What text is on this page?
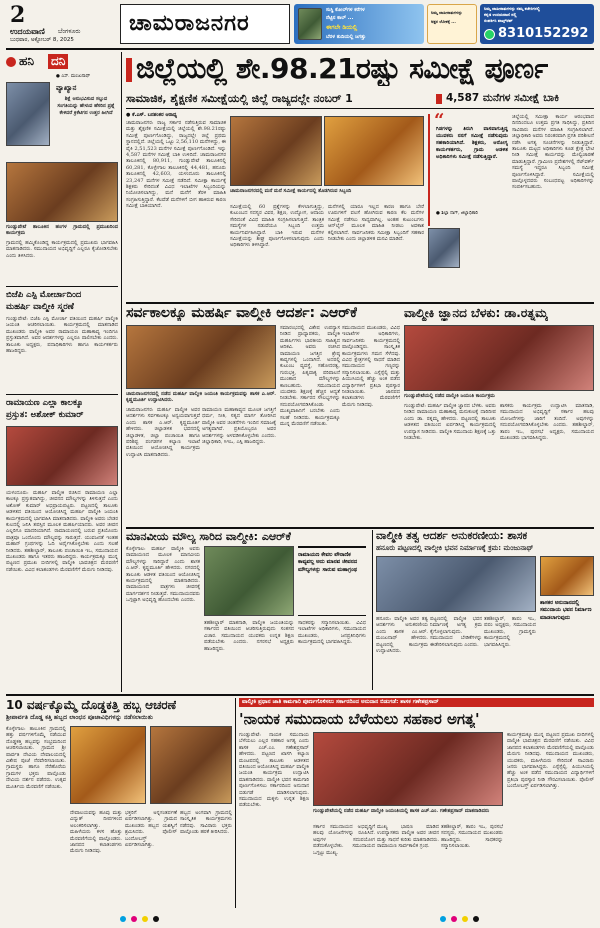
2
ಉದಯವಾಣಿ ಬೆಂಗಳೂರು
ಬುಧವಾರ, ಅಕ್ಟೋಬರ್ 8, 2025
ಚಾಮರಾಜನಗರ	ಸುಸ್ಥಿ ಕೋಲ್‌ಗಳ ಕರೆಗಳ
ನೆಟ್ಟಿನ ಕಾಲ್ ...
ಈಗಲೇ ಡಿಯಲ್ಲಿ
ಬೆರಳ ತುದಿಯಲ್ಲಿ ಜಗತ್ತು
ನಿಮ್ಮ ಜಾಹೀರಾತುಗಳನ್ನು
ಅಕ್ಷರ ಲೋಕಕ್ಕೆ ...
ನಿಮ್ಮ ಜಾಹೀರಾತುಗಳನ್ನು ನಮ್ಮ ಕಚೇರಿಗಳಲ್ಲಿ
ಕನ್ನಡ ಉದಯವಾಣಿ ನಲ್ಲಿ
ಸಂಪರ್ಕಿಸಿ ವಾಟ್ಸ್‌ಆಪ್
8310152292
ಹನಿ ದನಿ
● ಎಸ್. ಮಂಜುನಾಥ್
ವ್ಯಾಖ್ಯಾನ
ಶಿಕ್ಷೆ ಅನುಭವಿಸುವ ಸಲ್ಲುವ ಸಂಗತಿಯನ್ನು ಹೇಳುವ ಹೆಸರಿನ ಪ್ರಶ್ನೆ ಕೇಳಿದರೆ ಕ್ರಿಕೆಟಿಗನ ಉತ್ತರ ಹೀಗಿದೆ
ಗುಂಡ್ಲುಪೇಟೆ ತಾಲೂಕಿನ ಹಂಗಳ ಗ್ರಾಮದಲ್ಲಿ ಪ್ರಮುಖರಿಂದ ಕಾರ್ಯಕ್ರಮ
ಗ್ರಾಮದಲ್ಲಿ ಹಮ್ಮಿಕೊಂಡಿದ್ದ ಕಾರ್ಯಕ್ರಮದಲ್ಲಿ ಪ್ರಮುಖರು ಭಾಗವಹಿಸಿ ಮಾತನಾಡಿದರು. ಸಮುದಾಯದ ಅಭಿವೃದ್ಧಿಗೆ ಎಲ್ಲರೂ ಕೈಜೋಡಿಸಬೇಕು ಎಂದು ತಿಳಿಸಿದರು.
ಬಿಜೆಪಿ ಎಸ್ಪಿ ಮೋರ್ಚಾದಿಂದ
ಮಹರ್ಷಿ ವಾಲ್ಮೀಕಿ ಸ್ಮರಣೆ
ಗುಂಡ್ಲುಪೇಟೆ: ಬಿಜೆಪಿ ಎಸ್ಪಿ ಮೋರ್ಚಾ ವತಿಯಿಂದ ಮಹರ್ಷಿ ವಾಲ್ಮೀಕಿ ಜಯಂತಿ ಆಚರಿಸಲಾಯಿತು. ಕಾರ್ಯಕ್ರಮದಲ್ಲಿ ಮಾತನಾಡಿದ ಮುಖಂಡರು ವಾಲ್ಮೀಕಿ ಅವರ ರಾಮಾಯಣ ಮಹಾಕಾವ್ಯ ಇಂದಿಗೂ ಪ್ರಸ್ತುತವಾಗಿದೆ. ಅವರ ಆದರ್ಶಗಳನ್ನು ಎಲ್ಲರೂ ಪಾಲಿಸಬೇಕು ಎಂದರು. ತಾಲೂಕು ಅಧ್ಯಕ್ಷರು, ಪದಾಧಿಕಾರಿಗಳು ಹಾಗೂ ಕಾರ್ಯಕರ್ತರು ಹಾಜರಿದ್ದರು.
ರಾಮಾಯಣ ಎಲ್ಲಾ ಕಾಲಕ್ಕೂ
ಪ್ರಸ್ತುತ: ಅಶೋಕ್ ಕುಮಾರ್
ಯಳಂದೂರು: ಮಹರ್ಷಿ ವಾಲ್ಮೀಕಿ ರಚಿಸಿದ ರಾಮಾಯಣ ಎಲ್ಲಾ ಕಾಲಕ್ಕೂ ಪ್ರಸ್ತುತವಾಗಿದ್ದು, ಜೀವನದ ಮೌಲ್ಯಗಳನ್ನು ತಿಳಿಸುತ್ತದೆ ಎಂದು ಅಶೋಕ್ ಕುಮಾರ್ ಅಭಿಪ್ರಾಯಪಟ್ಟರು. ಪಟ್ಟಣದಲ್ಲಿ ತಾಲೂಕು ಆಡಳಿತದ ವತಿಯಿಂದ ಆಯೋಜಿಸಿದ್ದ ಮಹರ್ಷಿ ವಾಲ್ಮೀಕಿ ಜಯಂತಿ ಕಾರ್ಯಕ್ರಮದಲ್ಲಿ ಭಾಗವಹಿಸಿ ಮಾತನಾಡಿದರು. ವಾಲ್ಮೀಕಿ ಅವರು ಬೇಡರ ಕುಲದಲ್ಲಿ ಜನಿಸಿ ತಪಸ್ಸಿನ ಮೂಲಕ ಮಹರ್ಷಿಯಾದರು. ಅವರ ಜೀವನ ಎಲ್ಲರಿಗೂ ಮಾದರಿಯಾಗಿದೆ. ರಾಮಾಯಣದಲ್ಲಿ ಬರುವ ಪ್ರತಿಯೊಂದು ಪಾತ್ರವೂ ಒಂದೊಂದು ಮೌಲ್ಯವನ್ನು ಸಾರುತ್ತದೆ. ಯುವಜನತೆ ಇಂತಹ ಮಹಾನ್ ಗ್ರಂಥಗಳನ್ನು ಓದಿ ಅರ್ಥೈಸಿಕೊಳ್ಳಬೇಕು ಎಂದು ಸಲಹೆ ನೀಡಿದರು. ತಹಶೀಲ್ದಾರ್, ತಾಲೂಕು ಪಂಚಾಯಿತಿ ಇಒ, ಸಮುದಾಯದ ಮುಖಂಡರು ಹಾಗೂ ಇತರರು ಹಾಜರಿದ್ದರು. ಕಾರ್ಯಕ್ರಮಕ್ಕೂ ಮುನ್ನ ಪಟ್ಟಣದ ಪ್ರಮುಖ ಬೀದಿಗಳಲ್ಲಿ ವಾಲ್ಮೀಕಿ ಭಾವಚಿತ್ರದ ಮೆರವಣಿಗೆ ನಡೆಯಿತು. ವಿವಿಧ ಕಲಾತಂಡಗಳು ಮೆರವಣಿಗೆಗೆ ಮೆರುಗು ನೀಡಿದವು.
ಜಿಲ್ಲೆಯಲ್ಲಿ ಶೇ.98.21ರಷ್ಟು ಸಮೀಕ್ಷೆ ಪೂರ್ಣ
ಸಾಮಾಜಿಕ, ಶೈಕ್ಷಣಿಕ ಸಮೀಕ್ಷೆಯಲ್ಲಿ ಜಿಲ್ಲೆ ರಾಜ್ಯದಲ್ಲೇ ನಂಬರ್ 1	4,587 ಮನೆಗಳ ಸಮೀಕ್ಷೆ ಬಾಕಿ
● ಕೆ.ಎಸ್. ಬನಶಂಕರ ಆರಾಧ್ಯ
ಚಾಮರಾಜನಗರ: ರಾಜ್ಯ ಸರ್ಕಾರ ನಡೆಸುತ್ತಿರುವ ಸಾಮಾಜಿಕ ಮತ್ತು ಶೈಕ್ಷಣಿಕ ಸಮೀಕ್ಷೆಯಲ್ಲಿ ಜಿಲ್ಲೆಯಲ್ಲಿ ಶೇ.98.21ರಷ್ಟು ಸಮೀಕ್ಷೆ ಪೂರ್ಣಗೊಂಡಿದ್ದು, ರಾಜ್ಯದಲ್ಲೇ ಜಿಲ್ಲೆ ಪ್ರಥಮ ಸ್ಥಾನದಲ್ಲಿದೆ. ಜಿಲ್ಲೆಯಲ್ಲಿ ಒಟ್ಟು 2,56,110 ಮನೆಗಳಿದ್ದು, ಈ ಪೈಕಿ 2,51,523 ಮನೆಗಳ ಸಮೀಕ್ಷೆ ಪೂರ್ಣಗೊಂಡಿದೆ. ಇನ್ನು 4,587 ಮನೆಗಳ ಸಮೀಕ್ಷೆ ಬಾಕಿ ಉಳಿದಿದೆ. ಚಾಮರಾಜನಗರ ತಾಲೂಕಿನಲ್ಲಿ 80,911, ಗುಂಡ್ಲುಪೇಟೆ ತಾಲೂಕಿನಲ್ಲಿ 60,281, ಕೊಳ್ಳೇಗಾಲ ತಾಲೂಕಿನಲ್ಲಿ 44,481, ಹನೂರು ತಾಲೂಕಿನಲ್ಲಿ 42,603, ಯಳಂದೂರು ತಾಲೂಕಿನಲ್ಲಿ 23,247 ಮನೆಗಳ ಸಮೀಕ್ಷೆ ನಡೆದಿದೆ. ಸಮೀಕ್ಷಾ ಕಾರ್ಯಕ್ಕೆ ಶಿಕ್ಷಕರು ಸೇರಿದಂತೆ ವಿವಿಧ ಇಲಾಖೆಗಳ ಸಿಬ್ಬಂದಿಯನ್ನು ನಿಯೋಜಿಸಲಾಗಿದ್ದು, ಮನೆ ಮನೆಗೆ ತೆರಳಿ ಮಾಹಿತಿ ಸಂಗ್ರಹಿಸುತ್ತಿದ್ದಾರೆ. ಕೆಲವೆಡೆ ಮನೆಗಳಿಗೆ ಬೀಗ ಹಾಕಿರುವ ಕಾರಣ ಸಮೀಕ್ಷೆ ಬಾಕಿಯಾಗಿದೆ.
ಚಾಮರಾಜನಗರದಲ್ಲಿ ಮನೆ ಮನೆ ಸಮೀಕ್ಷೆ ಕಾರ್ಯದಲ್ಲಿ ತೊಡಗಿರುವ ಸಿಬ್ಬಂದಿ
ಸಮೀಕ್ಷೆಯಲ್ಲಿ 60 ಪ್ರಶ್ನೆಗಳನ್ನು ಕೇಳಲಾಗುತ್ತಿದ್ದು, ಕುಟುಂಬದ ಸದಸ್ಯರ ವಿವರ, ಶಿಕ್ಷಣ, ಉದ್ಯೋಗ, ಆದಾಯ ಸೇರಿದಂತೆ ವಿವಿಧ ಮಾಹಿತಿ ಸಂಗ್ರಹಿಸಲಾಗುತ್ತಿದೆ. ತಾಂತ್ರಿಕ ಸಮಸ್ಯೆಗಳ ನಡುವೆಯೂ ಸಿಬ್ಬಂದಿ ಉತ್ತಮ ಕಾರ್ಯನಿರ್ವಹಿಸಿದ್ದಾರೆ. ಬಾಕಿ ಇರುವ ಮನೆಗಳ ಸಮೀಕ್ಷೆಯನ್ನು ಶೀಘ್ರ ಪೂರ್ಣಗೊಳಿಸಲಾಗುವುದು ಎಂದು ಅಧಿಕಾರಿಗಳು ತಿಳಿಸಿದ್ದಾರೆ.
ಮನೆಗಳಲ್ಲಿ ಯಾರೂ ಇಲ್ಲದ ಕಾರಣ ಹಾಗೂ ಬೇರೆ ಊರುಗಳಿಗೆ ವಲಸೆ ಹೋಗಿರುವ ಕಾರಣ ಕೆಲ ಮನೆಗಳ ಸಮೀಕ್ಷೆ ನಡೆಸಲು ಸಾಧ್ಯವಾಗಿಲ್ಲ. ಅಂತಹ ಕುಟುಂಬಗಳು ಆನ್‌ಲೈನ್ ಮೂಲಕ ಮಾಹಿತಿ ನೀಡಲು ಅವಕಾಶ ಕಲ್ಪಿಸಲಾಗಿದೆ. ಸಾರ್ವಜನಿಕರು ಸಮೀಕ್ಷಾ ಸಿಬ್ಬಂದಿಗೆ ಸಹಕಾರ ನೀಡಬೇಕು ಎಂದು ಜಿಲ್ಲಾಡಳಿತ ಮನವಿ ಮಾಡಿದೆ.
“
ಗಿಡಗಳನ್ನು ತಿರುಗಿ ವಾಸವಾಗುತ್ತಿದ್ದ ಯುವಕರು ನನಗೆ ಸಮೀಕ್ಷೆ ನಡೆಸುವುದು ಸಹಕಾರಿಯಾಗಿದೆ. ಶಿಕ್ಷಕರು, ಆರೋಗ್ಯ ಕಾರ್ಯಕರ್ತರು, ಗ್ರಾಮ ಆಡಳಿತ ಅಧಿಕಾರಿಗಳು ಸಮೀಕ್ಷೆ ನಡೆಸುತ್ತಿದ್ದಾರೆ.
● ಶಿಲ್ಪಾ ನಾಗ್, ಜಿಲ್ಲಾಧಿಕಾರಿ
ಜಿಲ್ಲೆಯಲ್ಲಿ ಸಮೀಕ್ಷಾ ಕಾರ್ಯ ಆರಂಭವಾದ ದಿನದಿಂದಲೂ ಉತ್ತಮ ಪ್ರಗತಿ ಸಾಧಿಸಿದ್ದು, ಪ್ರತಿದಿನ ಸಾವಿರಾರು ಮನೆಗಳ ಮಾಹಿತಿ ಸಂಗ್ರಹಿಸಲಾಗಿದೆ. ಜಿಲ್ಲಾಧಿಕಾರಿ ಅವರು ನಿರಂತರವಾಗಿ ಪ್ರಗತಿ ಪರಿಶೀಲನೆ ನಡೆಸಿ ಅಗತ್ಯ ಸೂಚನೆಗಳನ್ನು ನೀಡುತ್ತಿದ್ದಾರೆ. ತಾಲೂಕು ಮಟ್ಟದ ಅಧಿಕಾರಿಗಳು ಕೂಡ ಕ್ಷೇತ್ರ ಭೇಟಿ ನೀಡಿ ಸಮೀಕ್ಷೆ ಕಾರ್ಯವನ್ನು ಮೇಲ್ವಿಚಾರಣೆ ಮಾಡುತ್ತಿದ್ದಾರೆ. ಗ್ರಾಮೀಣ ಪ್ರದೇಶಗಳಲ್ಲಿ ನೆಟ್‌ವರ್ಕ್ ಸಮಸ್ಯೆ ಇದ್ದರೂ ಸಿಬ್ಬಂದಿ ಸಮೀಕ್ಷೆ ಪೂರ್ಣಗೊಳಿಸಿದ್ದಾರೆ. ಸಮೀಕ್ಷೆಯಲ್ಲಿ ಪಾಲ್ಗೊಳ್ಳದವರು ಸಂಬಂಧಪಟ್ಟ ಅಧಿಕಾರಿಗಳನ್ನು ಸಂಪರ್ಕಿಸಬಹುದು.
ಸರ್ವಕಾಲಕ್ಕೂ ಮಹರ್ಷಿ ವಾಲ್ಮೀಕಿ ಆದರ್ಶ: ಎಆರ್‌ಕೆ	ವಾಲ್ಮೀಕಿ ಜ್ಞಾನದ ಬೆಳಕು: ಡಾ.ರತ್ನಮ್ಮ
ಚಾಮರಾಜನಗರದಲ್ಲಿ ನಡೆದ ಮಹರ್ಷಿ ವಾಲ್ಮೀಕಿ ಜಯಂತಿ ಕಾರ್ಯಕ್ರಮವನ್ನು ಶಾಸಕ ಎ.ಆರ್. ಕೃಷ್ಣಮೂರ್ತಿ ಉದ್ಘಾಟಿಸಿದರು.
ಚಾಮರಾಜನಗರ: ಮಹರ್ಷಿ ವಾಲ್ಮೀಕಿ ಅವರ ಆದರ್ಶಗಳು ಸರ್ವಕಾಲಕ್ಕೂ ಅನ್ವಯವಾಗುತ್ತವೆ ಎಂದು ಶಾಸಕ ಎ.ಆರ್. ಕೃಷ್ಣಮೂರ್ತಿ ಹೇಳಿದರು. ಜಿಲ್ಲಾಡಳಿತ ಭವನದಲ್ಲಿ ಜಿಲ್ಲಾಡಳಿತ, ಜಿಲ್ಲಾ ಪಂಚಾಯಿತಿ ಹಾಗೂ ಪರಿಶಿಷ್ಟ ಪಂಗಡಗಳ ಕಲ್ಯಾಣ ಇಲಾಖೆ ವತಿಯಿಂದ ಆಯೋಜಿಸಿದ್ದ ಕಾರ್ಯಕ್ರಮ ಉದ್ಘಾಟಿಸಿ ಮಾತನಾಡಿದರು.
ರಾಮಾಯಣ ಮಹಾಕಾವ್ಯದ ಮೂಲಕ ಜಗತ್ತಿಗೆ ಧರ್ಮ, ನೀತಿ, ಸತ್ಯದ ಮಾರ್ಗ ತೋರಿಸಿದ ವಾಲ್ಮೀಕಿ ಅವರ ಚಿಂತನೆಗಳು ಇಂದಿನ ಸಮಾಜಕ್ಕೆ ಅಗತ್ಯವಾಗಿವೆ. ಪ್ರತಿಯೊಬ್ಬರೂ ಅವರ ಆದರ್ಶಗಳನ್ನು ಅಳವಡಿಸಿಕೊಳ್ಳಬೇಕು ಎಂದರು. ಜಿಲ್ಲಾಧಿಕಾರಿ, ಸಿಇಒ, ಎಸ್ಪಿ ಹಾಜರಿದ್ದರು.
ಸಮಾರಂಭದಲ್ಲಿ ವಿಶೇಷ ಉಪನ್ಯಾಸ ನೀಡಿದ ಪ್ರಾಧ್ಯಾಪಕರು, ವಾಲ್ಮೀಕಿ ಮಹರ್ಷಿಗಳು ಭಾರತೀಯ ಸಾಹಿತ್ಯದ ಆದಿಕವಿ. ಅವರು ರಚಿಸಿದ ರಾಮಾಯಣ ಜಗತ್ತಿನ ಶ್ರೇಷ್ಠ ಕಾವ್ಯಗಳಲ್ಲಿ ಒಂದಾಗಿದೆ. ಅದರಲ್ಲಿ ಕುಟುಂಬ ವ್ಯವಸ್ಥೆ, ಸಹೋದರತ್ವ, ಗುರುಭಕ್ತಿ, ಪಿತೃವಾಕ್ಯ ಪರಿಪಾಲನೆ ಮುಂತಾದ ಮೌಲ್ಯಗಳನ್ನು ಕಾಣಬಹುದು. ಸಮುದಾಯದ ಯುವಕರು ಶಿಕ್ಷಣಕ್ಕೆ ಹೆಚ್ಚಿನ ಆದ್ಯತೆ ನೀಡಬೇಕು. ಸರ್ಕಾರದ ಸೌಲಭ್ಯಗಳನ್ನು ಸದುಪಯೋಗಪಡಿಸಿಕೊಂಡು ಮುಖ್ಯವಾಹಿನಿಗೆ ಬರಬೇಕು ಎಂದು ಸಲಹೆ ನೀಡಿದರು. ಕಾರ್ಯಕ್ರಮಕ್ಕೂ ಮುನ್ನ ಮೆರವಣಿಗೆ ನಡೆಯಿತು.
ಸಮುದಾಯದ ಮುಖಂಡರು, ವಿವಿಧ ಇಲಾಖೆಗಳ ಅಧಿಕಾರಿಗಳು, ಸಾರ್ವಜನಿಕರು ಕಾರ್ಯಕ್ರಮದಲ್ಲಿ ಪಾಲ್ಗೊಂಡಿದ್ದರು. ಸಾಂಸ್ಕೃತಿಕ ಕಾರ್ಯಕ್ರಮಗಳು ಗಮನ ಸೆಳೆದವು. ವಿವಿಧ ಕ್ಷೇತ್ರಗಳಲ್ಲಿ ಸಾಧನೆ ಮಾಡಿದ ಸಮುದಾಯದ ಗಣ್ಯರನ್ನು ಸನ್ಮಾನಿಸಲಾಯಿತು. ಎಸ್ಸೆಸ್ಸೆಲ್ಸಿ ಮತ್ತು ಪಿಯುಸಿಯಲ್ಲಿ ಹೆಚ್ಚು ಅಂಕ ಪಡೆದ ವಿದ್ಯಾರ್ಥಿಗಳಿಗೆ ಪ್ರತಿಭಾ ಪುರಸ್ಕಾರ ನೀಡಲಾಯಿತು. ಜಾನಪದ ಕಲಾತಂಡಗಳು ಮೆರವಣಿಗೆಗೆ ಮೆರುಗು ನೀಡಿದವು.
ಗುಂಡ್ಲುಪೇಟೆಯಲ್ಲಿ ನಡೆದ ವಾಲ್ಮೀಕಿ ಜಯಂತಿ ಕಾರ್ಯಕ್ರಮ
ಗುಂಡ್ಲುಪೇಟೆ: ಮಹರ್ಷಿ ವಾಲ್ಮೀಕಿ ಜ್ಞಾನದ ಬೆಳಕು. ಅವರು ನೀಡಿದ ರಾಮಾಯಣ ಮಹಾಕಾವ್ಯ ಮನುಕುಲಕ್ಕೆ ದಾರಿದೀಪ ಎಂದು ಡಾ. ರತ್ನಮ್ಮ ಹೇಳಿದರು. ಪಟ್ಟಣದಲ್ಲಿ ತಾಲೂಕು ಆಡಳಿತದ ವತಿಯಿಂದ ಏರ್ಪಡಿಸಿದ್ದ ಕಾರ್ಯಕ್ರಮದಲ್ಲಿ ಉಪನ್ಯಾಸ ನೀಡಿದರು. ವಾಲ್ಮೀಕಿ ಸಮುದಾಯ ಶಿಕ್ಷಣಕ್ಕೆ ಒತ್ತು ನೀಡಬೇಕು.
ಶಾಸಕರು ಕಾರ್ಯಕ್ರಮ ಉದ್ಘಾಟಿಸಿ ಮಾತನಾಡಿ, ಸಮುದಾಯದ ಅಭಿವೃದ್ಧಿಗೆ ಸರ್ಕಾರ ಹಲವು ಯೋಜನೆಗಳನ್ನು ಜಾರಿಗೆ ತಂದಿದೆ. ಅವುಗಳನ್ನು ಸದುಪಯೋಗಪಡಿಸಿಕೊಳ್ಳಬೇಕು ಎಂದರು. ತಹಶೀಲ್ದಾರ್, ತಾಪಂ ಇಒ, ಪುರಸಭೆ ಅಧ್ಯಕ್ಷರು, ಸಮುದಾಯದ ಮುಖಂಡರು ಭಾಗವಹಿಸಿದ್ದರು.
ಮಾನವೀಯ ಮೌಲ್ಯ ಸಾರಿದ ವಾಲ್ಮೀಕಿ: ಎಆರ್‌ಕೆ
ಕೊಳ್ಳೇಗಾಲ: ಮಹರ್ಷಿ ವಾಲ್ಮೀಕಿ ಅವರು ರಾಮಾಯಣದ ಮೂಲಕ ಮಾನವೀಯ ಮೌಲ್ಯಗಳನ್ನು ಸಾರಿದ್ದಾರೆ ಎಂದು ಶಾಸಕ ಎ.ಆರ್. ಕೃಷ್ಣಮೂರ್ತಿ ಹೇಳಿದರು. ನಗರದಲ್ಲಿ ತಾಲೂಕು ಆಡಳಿತ ವತಿಯಿಂದ ಆಯೋಜಿಸಿದ್ದ ಕಾರ್ಯಕ್ರಮದಲ್ಲಿ ಮಾತನಾಡಿದರು. ರಾಮಾಯಣದ ಪಾತ್ರಗಳು ಜೀವನಕ್ಕೆ ಮಾರ್ಗದರ್ಶನ ನೀಡುತ್ತವೆ. ಸಮುದಾಯದವರು ಒಗ್ಗಟ್ಟಾಗಿ ಅಭಿವೃದ್ಧಿ ಹೊಂದಬೇಕು ಎಂದರು.
ತಹಶೀಲ್ದಾರ್ ಮಾತನಾಡಿ, ವಾಲ್ಮೀಕಿ ಜಯಂತಿಯನ್ನು ಸರ್ಕಾರದ ವತಿಯಿಂದ ಆಚರಿಸುತ್ತಿರುವುದು ಸಂತಸದ ವಿಚಾರ. ಸಮುದಾಯದ ಯುವಕರು ಉನ್ನತ ಶಿಕ್ಷಣ ಪಡೆಯಬೇಕು ಎಂದರು. ನಗರಸಭೆ ಅಧ್ಯಕ್ಷರು ಹಾಜರಿದ್ದರು.
ರಾಮಾಯಣ ಕೇವಲ ಪೌರಾಣಿಕ ಕಾವ್ಯವಲ್ಲ ಅದು ಮಾನವ ಜೀವನದ ಮೌಲ್ಯಗಳನ್ನು ಸಾರುವ ಮಹಾಗ್ರಂಥ
ಸಾಧಕರನ್ನು ಸನ್ಮಾನಿಸಲಾಯಿತು. ವಿವಿಧ ಇಲಾಖೆಗಳ ಅಧಿಕಾರಿಗಳು, ಸಮುದಾಯದ ಮುಖಂಡರು, ಜನಪ್ರತಿನಿಧಿಗಳು ಕಾರ್ಯಕ್ರಮದಲ್ಲಿ ಭಾಗವಹಿಸಿದ್ದರು.
ವಾಲ್ಮೀಕಿ ತತ್ವ ಆದರ್ಶ ಅನುಕರಣೀಯ: ಶಾಸಕ
ಹನೂರು ಪಟ್ಟಣದಲ್ಲಿ ವಾಲ್ಮೀಕಿ ಭವನ ನಿರ್ಮಾಣಕ್ಕೆ ಕ್ರಮ: ಮಂಜುನಾಥ್
ಹನೂರು: ವಾಲ್ಮೀಕಿ ಅವರ ತತ್ವ ಆದರ್ಶಗಳು ಅನುಕರಣೀಯ ಎಂದು ಶಾಸಕ ಎಂ.ಆರ್. ಮಂಜುನಾಥ್ ಹೇಳಿದರು. ಪಟ್ಟಣದಲ್ಲಿ ಕಾರ್ಯಕ್ರಮ ಉದ್ಘಾಟಿಸಿದರು.
ಪಟ್ಟಣದಲ್ಲಿ ವಾಲ್ಮೀಕಿ ಭವನ ನಿರ್ಮಾಣಕ್ಕೆ ಅಗತ್ಯ ಕ್ರಮ ಕೈಗೊಳ್ಳಲಾಗುವುದು. ಸಮುದಾಯದ ಬೇಡಿಕೆಗಳನ್ನು ಈಡೇರಿಸಲಾಗುವುದು ಎಂದರು.
ತಹಶೀಲ್ದಾರ್, ತಾಪಂ ಇಒ, ಪಪಂ ಅಧ್ಯಕ್ಷರು, ಸಮುದಾಯದ ಮುಖಂಡರು, ಗ್ರಾಮಸ್ಥರು ಕಾರ್ಯಕ್ರಮದಲ್ಲಿ ಭಾಗವಹಿಸಿದ್ದರು.
ಶಾಸಕರ ಅನುದಾನದಲ್ಲಿ ಸಮುದಾಯ ಭವನ ನಿರ್ಮಾಣ ಮಾಡಲಾಗುವುದು
10 ವರ್ಷಕ್ಕೊಮ್ಮೆ ದೊಡ್ಡಕತ್ತಿ ಹಬ್ಬ ಆಚರಣೆ
ಶ್ರೀಪಾರ್ವತಿ ದೊಡ್ಡ ಕತ್ತಿ ಹಬ್ಬದ ಲಾಂಛನ ಪೂಜಾವಿಧಿಗಳನ್ನು ನಡೆಸಲಾಯಿತು
ಕೊಳ್ಳೇಗಾಲ: ತಾಲೂಕಿನ ಗ್ರಾಮದಲ್ಲಿ ಹತ್ತು ವರ್ಷಗಳಿಗೊಮ್ಮೆ ನಡೆಯುವ ದೊಡ್ಡಕತ್ತಿ ಹಬ್ಬವನ್ನು ಸಂಭ್ರಮದಿಂದ ಆಚರಿಸಲಾಯಿತು. ಗ್ರಾಮದ ಶ್ರೀ ಪಾರ್ವತಿ ದೇವಿಯ ದೇವಾಲಯದಲ್ಲಿ ವಿಶೇಷ ಪೂಜೆ ನೆರವೇರಿಸಲಾಯಿತು. ಗ್ರಾಮಸ್ಥರು ಹಾಗೂ ನೆರೆಹೊರೆಯ ಗ್ರಾಮಗಳ ಭಕ್ತರು ಪಾಲ್ಗೊಂಡು ದೇವಿಯ ದರ್ಶನ ಪಡೆದರು. ಉತ್ಸವ ಮೂರ್ತಿಯ ಮೆರವಣಿಗೆ ನಡೆಯಿತು.
ದೇವಾಲಯವನ್ನು ಹೂವು ಮತ್ತು ವಿದ್ಯುತ್ ದೀಪಗಳಿಂದ ಅಲಂಕರಿಸಲಾಗಿತ್ತು. ಮಹಿಳೆಯರು ಕಳಸ ಹೊತ್ತು ಮೆರವಣಿಗೆಯಲ್ಲಿ ಪಾಲ್ಗೊಂಡರು. ಜಾನಪದ ಕಲಾತಂಡಗಳು ಮೆರುಗು ನೀಡಿದವು.
ಭಕ್ತರಿಗೆ ಅನ್ನಸಂತರ್ಪಣೆ ಏರ್ಪಡಿಸಲಾಗಿತ್ತು. ಗ್ರಾಮದ ಮುಖಂಡರು ಹಬ್ಬದ ಯಶಸ್ವಿಗೆ ಶ್ರಮಿಸಿದರು. ಪೊಲೀಸ್ ಬಂದೋಬಸ್ತ್ ಏರ್ಪಡಿಸಲಾಗಿತ್ತು.
ಹಬ್ಬದ ಅಂಗವಾಗಿ ಗ್ರಾಮದಲ್ಲಿ ಸಾಂಸ್ಕೃತಿಕ ಕಾರ್ಯಕ್ರಮಗಳು ನಡೆದವು. ಸಾವಿರಾರು ಭಕ್ತರು ಪಾಲ್ಗೊಂಡು ಹರಕೆ ತೀರಿಸಿದರು.
ವಾಲ್ಮೀಕಿ ಪ್ರಧಾನ ಜಾತಿ ಕಾಮಗಾರಿ ಪೂರ್ಣಗೊಳಿಸಲು ಸರ್ಕಾರದಿಂದ ಅನುದಾನ ಬಿಡುಗಡೆ: ಶಾಸಕ ಗಣೇಶಪ್ರಸಾದ್
'ನಾಯಕ ಸಮುದಾಯ ಬೆಳೆಯಲು ಸಹಕಾರ ಅಗತ್ಯ'
ಗುಂಡ್ಲುಪೇಟೆ: ನಾಯಕ ಸಮುದಾಯ ಬೆಳೆಯಲು ಎಲ್ಲರ ಸಹಕಾರ ಅಗತ್ಯ ಎಂದು ಶಾಸಕ ಎಚ್.ಎಂ. ಗಣೇಶಪ್ರಸಾದ್ ಹೇಳಿದರು. ಪಟ್ಟಣದ ಖಾಸಗಿ ಕಲ್ಯಾಣ ಮಂಟಪದಲ್ಲಿ ತಾಲೂಕು ಆಡಳಿತದ ವತಿಯಿಂದ ಆಯೋಜಿಸಿದ್ದ ಮಹರ್ಷಿ ವಾಲ್ಮೀಕಿ ಜಯಂತಿ ಕಾರ್ಯಕ್ರಮ ಉದ್ಘಾಟಿಸಿ ಮಾತನಾಡಿದರು. ವಾಲ್ಮೀಕಿ ಭವನ ಕಾಮಗಾರಿ ಪೂರ್ಣಗೊಳಿಸಲು ಸರ್ಕಾರದಿಂದ ಅನುದಾನ ಬಿಡುಗಡೆ ಮಾಡಿಸಲಾಗುವುದು. ಸಮುದಾಯದ ಮಕ್ಕಳು ಉನ್ನತ ಶಿಕ್ಷಣ ಪಡೆಯಬೇಕು.
ಗುಂಡ್ಲುಪೇಟೆಯಲ್ಲಿ ನಡೆದ ಮಹರ್ಷಿ ವಾಲ್ಮೀಕಿ ಜಯಂತಿಯಲ್ಲಿ ಶಾಸಕ ಎಚ್.ಎಂ. ಗಣೇಶಪ್ರಸಾದ್ ಮಾತನಾಡಿದರು
ಸರ್ಕಾರ ಸಮುದಾಯದ ಅಭಿವೃದ್ಧಿಗೆ ಹಲವು ಯೋಜನೆಗಳನ್ನು ರೂಪಿಸಿದೆ. ಅವುಗಳ ಸದುಪಯೋಗ ಪಡೆದುಕೊಳ್ಳಬೇಕು. ಸಮುದಾಯದ ಒಗ್ಗಟ್ಟು ಮುಖ್ಯ.
ಮುಖ್ಯ ಭಾಷಣ ಮಾಡಿದ ಉಪನ್ಯಾಸಕರು ವಾಲ್ಮೀಕಿ ಅವರ ಜೀವನ ಮತ್ತು ಸಾಧನೆ ಕುರಿತು ಮಾತನಾಡಿದರು. ರಾಮಾಯಣ ಸಾರ್ವಕಾಲಿಕ ಗ್ರಂಥ.
ತಹಶೀಲ್ದಾರ್, ತಾಪಂ ಇಒ, ಪುರಸಭೆ ಸದಸ್ಯರು, ಸಮುದಾಯದ ಮುಖಂಡರು ಹಾಜರಿದ್ದರು. ಸಾಧಕರನ್ನು ಸನ್ಮಾನಿಸಲಾಯಿತು.
ಕಾರ್ಯಕ್ರಮಕ್ಕೂ ಮುನ್ನ ಪಟ್ಟಣದ ಪ್ರಮುಖ ಬೀದಿಗಳಲ್ಲಿ ವಾಲ್ಮೀಕಿ ಭಾವಚಿತ್ರದ ಮೆರವಣಿಗೆ ನಡೆಯಿತು. ವಿವಿಧ ಜಾನಪದ ಕಲಾತಂಡಗಳು ಮೆರವಣಿಗೆಯಲ್ಲಿ ಪಾಲ್ಗೊಂಡು ಮೆರುಗು ನೀಡಿದವು. ಸಮುದಾಯದ ಮುಖಂಡರು, ಯುವಕರು, ಮಹಿಳೆಯರು ಸೇರಿದಂತೆ ಸಾವಿರಾರು ಜನರು ಭಾಗವಹಿಸಿದ್ದರು. ಎಸ್ಸೆಸ್ಸೆಲ್ಸಿ, ಪಿಯುಸಿಯಲ್ಲಿ ಹೆಚ್ಚು ಅಂಕ ಪಡೆದ ಸಮುದಾಯದ ವಿದ್ಯಾರ್ಥಿಗಳಿಗೆ ಪ್ರತಿಭಾ ಪುರಸ್ಕಾರ ನೀಡಿ ಗೌರವಿಸಲಾಯಿತು. ಪೊಲೀಸ್ ಬಂದೋಬಸ್ತ್ ಏರ್ಪಡಿಸಲಾಗಿತ್ತು.
